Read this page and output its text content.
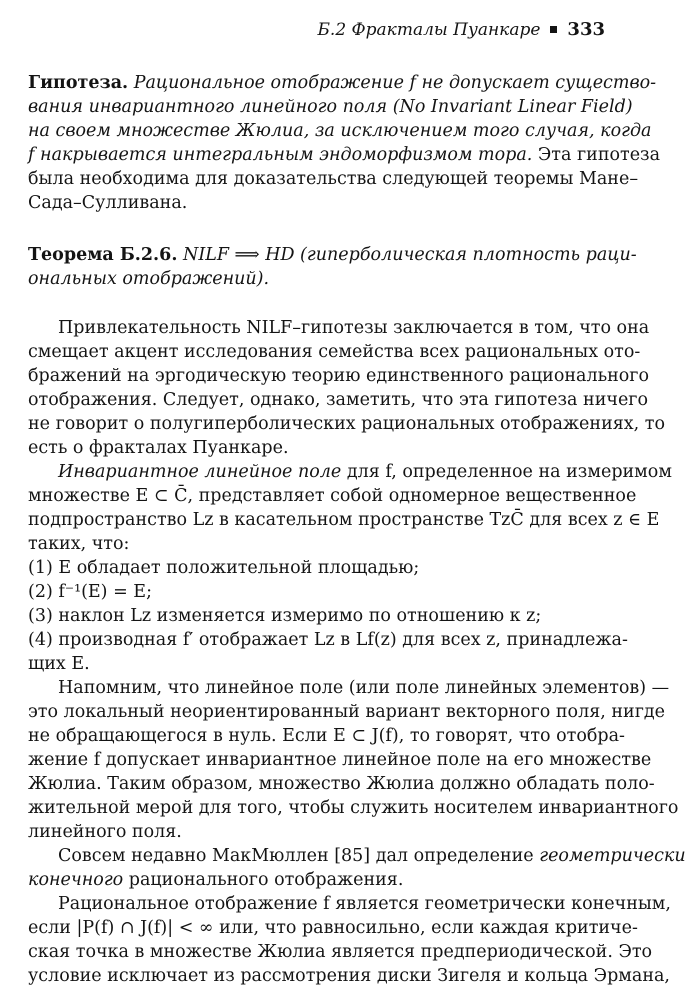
Б.2 Фракталы Пуанкаре 333
Гипотеза. Рациональное отображение f не допускает существо-
вания инвариантного линейного поля (No Invariant Linear Field)
на своем множестве Жюлиа, за исключением того случая, когда
f накрывается интегральным эндоморфизмом тора. Эта гипотеза
была необходима для доказательства следующей теоремы Мане–
Сада–Сулливана.
Теорема Б.2.6. NILF ⟹ HD (гиперболическая плотность рaци-
ональных отображений).
Привлекательность NILF–гипотезы заключается в том, что она
смещает акцент исследования семейства всех рациональных ото-
бражений на эргодическую теорию единственного рационального
отображения. Следует, однако, заметить, что эта гипотеза ничего
не говорит о полугиперболических рациональных отображениях, то
есть о фракталах Пуанкаре.
Инвариантное линейное поле для f, определенное на измеримом
множестве E ⊂ C̄, представляет собой одномерное вещественное
подпространство Lz в касательном пространстве TzC̄ для всех z ∈ E
таких, что:
(1) E обладает положительной площадью;
(2) f⁻¹(E) = E;
(3) наклон Lz изменяется измеримо по отношению к z;
(4) производная f′ отображает Lz в Lf(z) для всех z, принадлежа-
щих E.
Напомним, что линейное поле (или поле линейных элементов) —
это локальный неориентированный вариант векторного поля, нигде
не обращающегося в нуль. Если E ⊂ J(f), то говорят, что отобра-
жение f допускает инвариантное линейное поле на его множестве
Жюлиа. Таким образом, множество Жюлиа должно обладать поло-
жительной мерой для того, чтобы служить носителем инвариантного
линейного поля.
Совсем недавно МакМюллен [85] дал определение геометрически
конечного рационального отображения.
Рациональное отображение f является геометрически конечным,
если |P(f) ∩ J(f)| < ∞ или, что равносильно, если каждая критиче-
ская точка в множестве Жюлиа является предпериодической. Это
условие исключает из рассмотрения диски Зигеля и кольца Эрмана,
